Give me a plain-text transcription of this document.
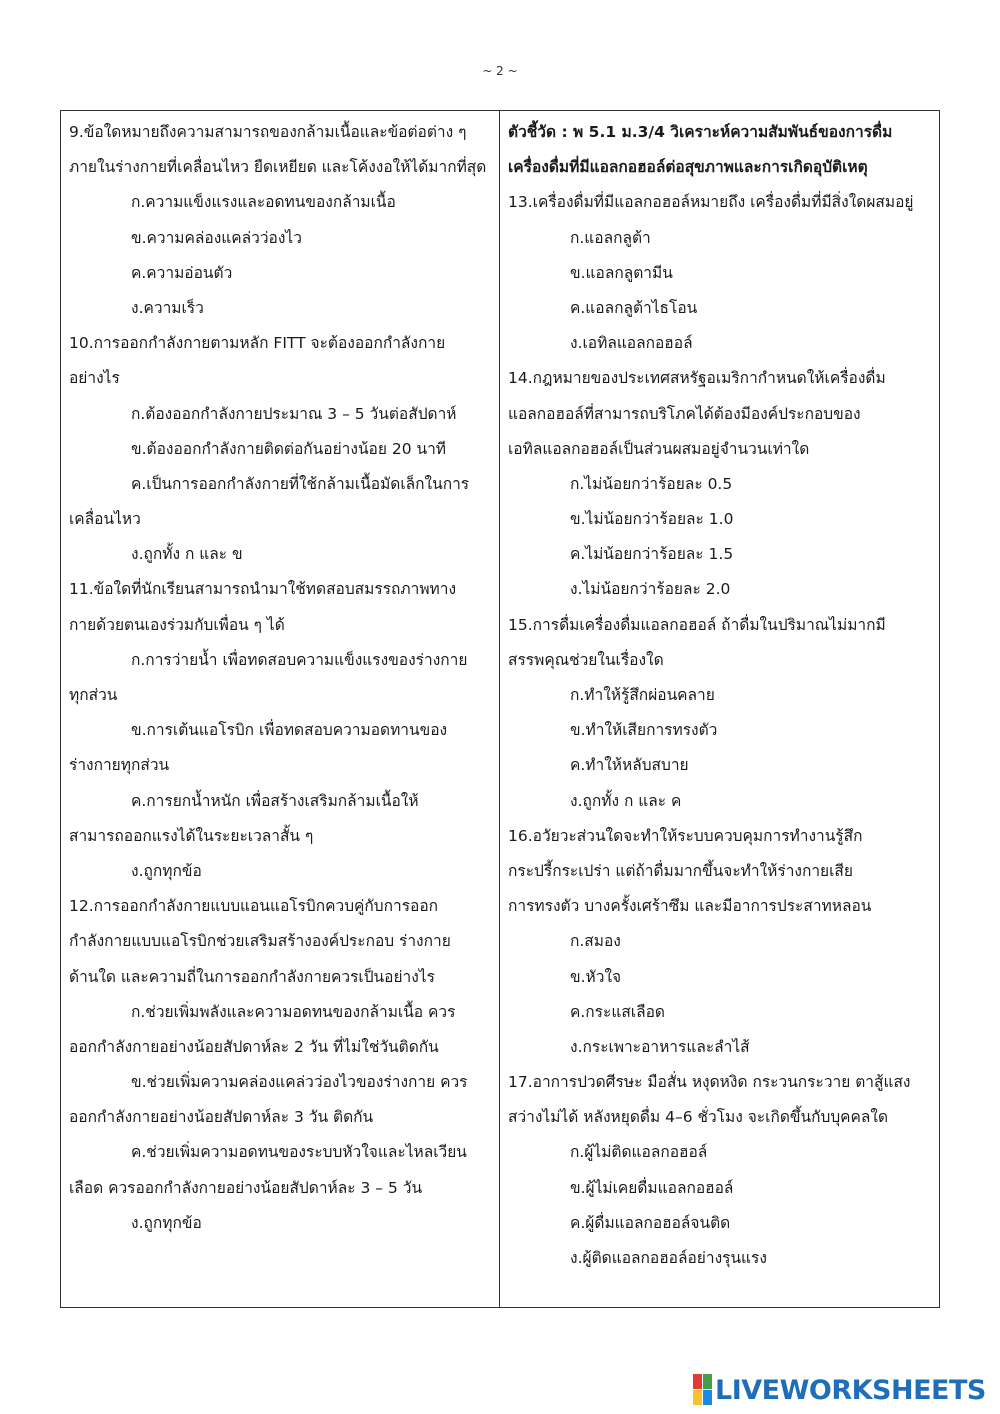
~ 2 ~
9.ข้อใดหมายถึงความสามารถของกล้ามเนื้อและข้อต่อต่าง ๆ
ภายในร่างกายที่เคลื่อนไหว ยืดเหยียด และโค้งงอให้ได้มากที่สุด
ก.ความแข็งแรงและอดทนของกล้ามเนื้อ
ข.ความคล่องแคล่วว่องไว
ค.ความอ่อนตัว
ง.ความเร็ว
10.การออกกำลังกายตามหลัก FITT จะต้องออกกำลังกาย
อย่างไร
ก.ต้องออกกำลังกายประมาณ 3 – 5 วันต่อสัปดาห์
ข.ต้องออกกำลังกายติดต่อกันอย่างน้อย 20 นาที
ค.เป็นการออกกำลังกายที่ใช้กล้ามเนื้อมัดเล็กในการ
เคลื่อนไหว
ง.ถูกทั้ง ก และ ข
11.ข้อใดที่นักเรียนสามารถนำมาใช้ทดสอบสมรรถภาพทาง
กายด้วยตนเองร่วมกับเพื่อน ๆ ได้
ก.การว่ายน้ำ เพื่อทดสอบความแข็งแรงของร่างกาย
ทุกส่วน
ข.การเต้นแอโรบิก เพื่อทดสอบความอดทานของ
ร่างกายทุกส่วน
ค.การยกน้ำหนัก เพื่อสร้างเสริมกล้ามเนื้อให้
สามารถออกแรงได้ในระยะเวลาสั้น ๆ
ง.ถูกทุกข้อ
12.การออกกำลังกายแบบแอนแอโรบิกควบคู่กับการออก
กำลังกายแบบแอโรบิกช่วยเสริมสร้างองค์ประกอบ ร่างกาย
ด้านใด และความถี่ในการออกกำลังกายควรเป็นอย่างไร
ก.ช่วยเพิ่มพลังและความอดทนของกล้ามเนื้อ ควร
ออกกำลังกายอย่างน้อยสัปดาห์ละ 2 วัน ที่ไม่ใช่วันติดกัน
ข.ช่วยเพิ่มความคล่องแคล่วว่องไวของร่างกาย ควร
ออกกำลังกายอย่างน้อยสัปดาห์ละ 3 วัน ติดกัน
ค.ช่วยเพิ่มความอดทนของระบบหัวใจและไหลเวียน
เลือด ควรออกกำลังกายอย่างน้อยสัปดาห์ละ 3 – 5 วัน
ง.ถูกทุกข้อ
ตัวชี้วัด : พ 5.1 ม.3/4 วิเคราะห์ความสัมพันธ์ของการดื่ม
เครื่องดื่มที่มีแอลกอฮอล์ต่อสุขภาพและการเกิดอุบัติเหตุ
13.เครื่องดื่มที่มีแอลกอฮอล์หมายถึง เครื่องดื่มที่มีสิ่งใดผสมอยู่
ก.แอลกลูต้า
ข.แอลกลูตามีน
ค.แอลกลูต้าไธโอน
ง.เอทิลแอลกอฮอล์
14.กฎหมายของประเทศสหรัฐอเมริกากำหนดให้เครื่องดื่ม
แอลกอฮอล์ที่สามารถบริโภคได้ต้องมีองค์ประกอบของ
เอทิลแอลกอฮอล์เป็นส่วนผสมอยู่จำนวนเท่าใด
ก.ไม่น้อยกว่าร้อยละ 0.5
ข.ไม่น้อยกว่าร้อยละ 1.0
ค.ไม่น้อยกว่าร้อยละ 1.5
ง.ไม่น้อยกว่าร้อยละ 2.0
15.การดื่มเครื่องดื่มแอลกอฮอล์ ถ้าดื่มในปริมาณไม่มากมี
สรรพคุณช่วยในเรื่องใด
ก.ทำให้รู้สึกผ่อนคลาย
ข.ทำให้เสียการทรงตัว
ค.ทำให้หลับสบาย
ง.ถูกทั้ง ก และ ค
16.อวัยวะส่วนใดจะทำให้ระบบควบคุมการทำงานรู้สึก
กระปรี้กระเปร่า แต่ถ้าดื่มมากขึ้นจะทำให้ร่างกายเสีย
การทรงตัว บางครั้งเศร้าซึม และมีอาการประสาทหลอน
ก.สมอง
ข.หัวใจ
ค.กระแสเลือด
ง.กระเพาะอาหารและลำไส้
17.อาการปวดศีรษะ มือสั่น หงุดหงิด กระวนกระวาย ตาสู้แสง
สว่างไม่ได้ หลังหยุดดื่ม 4–6 ชั่วโมง จะเกิดขึ้นกับบุคคลใด
ก.ผู้ไม่ติดแอลกอฮอล์
ข.ผู้ไม่เคยดื่มแอลกอฮอล์
ค.ผู้ดื่มแอลกอฮอล์จนติด
ง.ผู้ติดแอลกอฮอล์อย่างรุนแรง
LIVEWORKSHEETS
